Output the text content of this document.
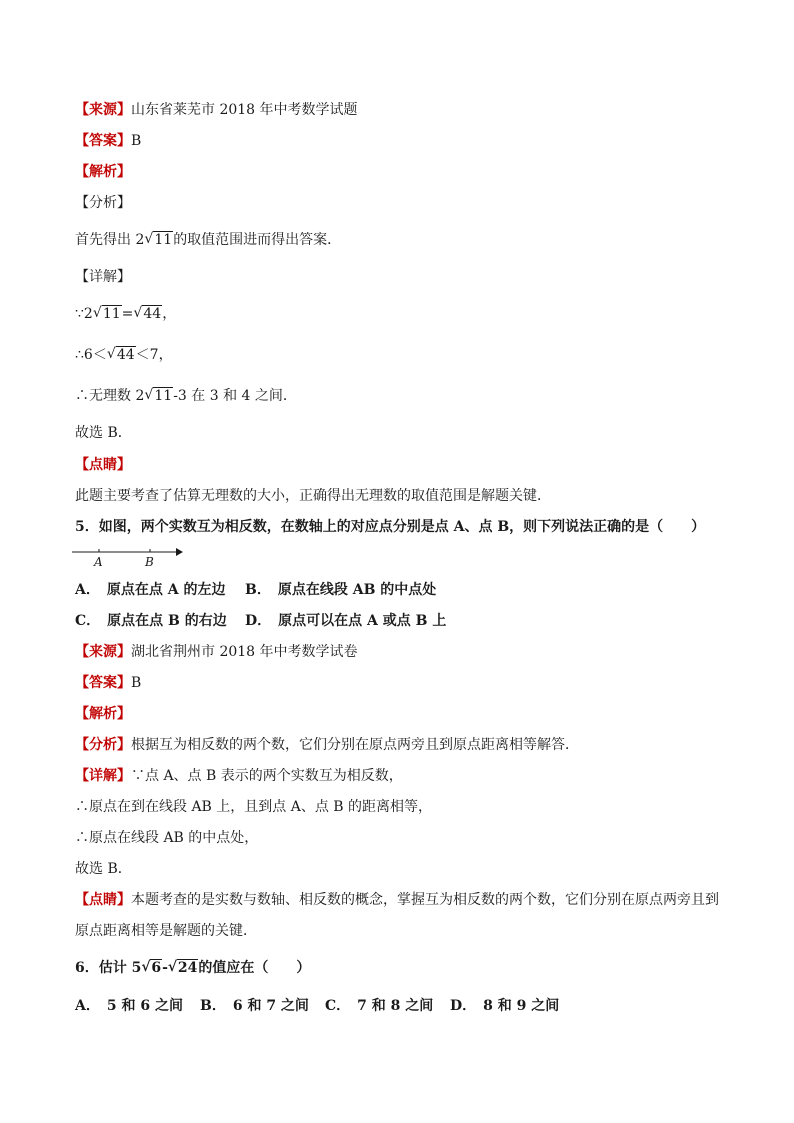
【来源】山东省莱芜市 2018 年中考数学试题
【答案】B
【解析】
【分析】
首先得出 2 √ 11的取值范围进而得出答案．
【详解】
∵2 √ 11= √ 44，
∴6＜ √ 44＜7，
∴无理数 2 √ 11-3 在 3 和 4 之间．
故选 B．
【点睛】
此题主要考查了估算无理数的大小，正确得出无理数的取值范围是解题关键．
5．如图，两个实数互为相反数，在数轴上的对应点分别是点 A、点 B，则下列说法正确的是（　　）
A	B
A．　原点在点 A 的左边 B．　原点在线段 AB 的中点处
C．　原点在点 B 的右边 D．　原点可以在点 A 或点 B 上
【来源】湖北省荆州市 2018 年中考数学试卷
【答案】B
【解析】
【分析】根据互为相反数的两个数，它们分别在原点两旁且到原点距离相等解答．
【详解】∵点 A、点 B 表示的两个实数互为相反数，
∴原点在到在线段 AB 上，且到点 A、点 B 的距离相等，
∴原点在线段 AB 的中点处，
故选 B．
【点睛】本题考查的是实数与数轴、相反数的概念，掌握互为相反数的两个数，它们分别在原点两旁且到
原点距离相等是解题的关键．
6．估计 5 √ 6- √ 24的值应在（　　）
A．　5 和 6 之间 B．　6 和 7 之间 C．　7 和 8 之间 D．　8 和 9 之间
